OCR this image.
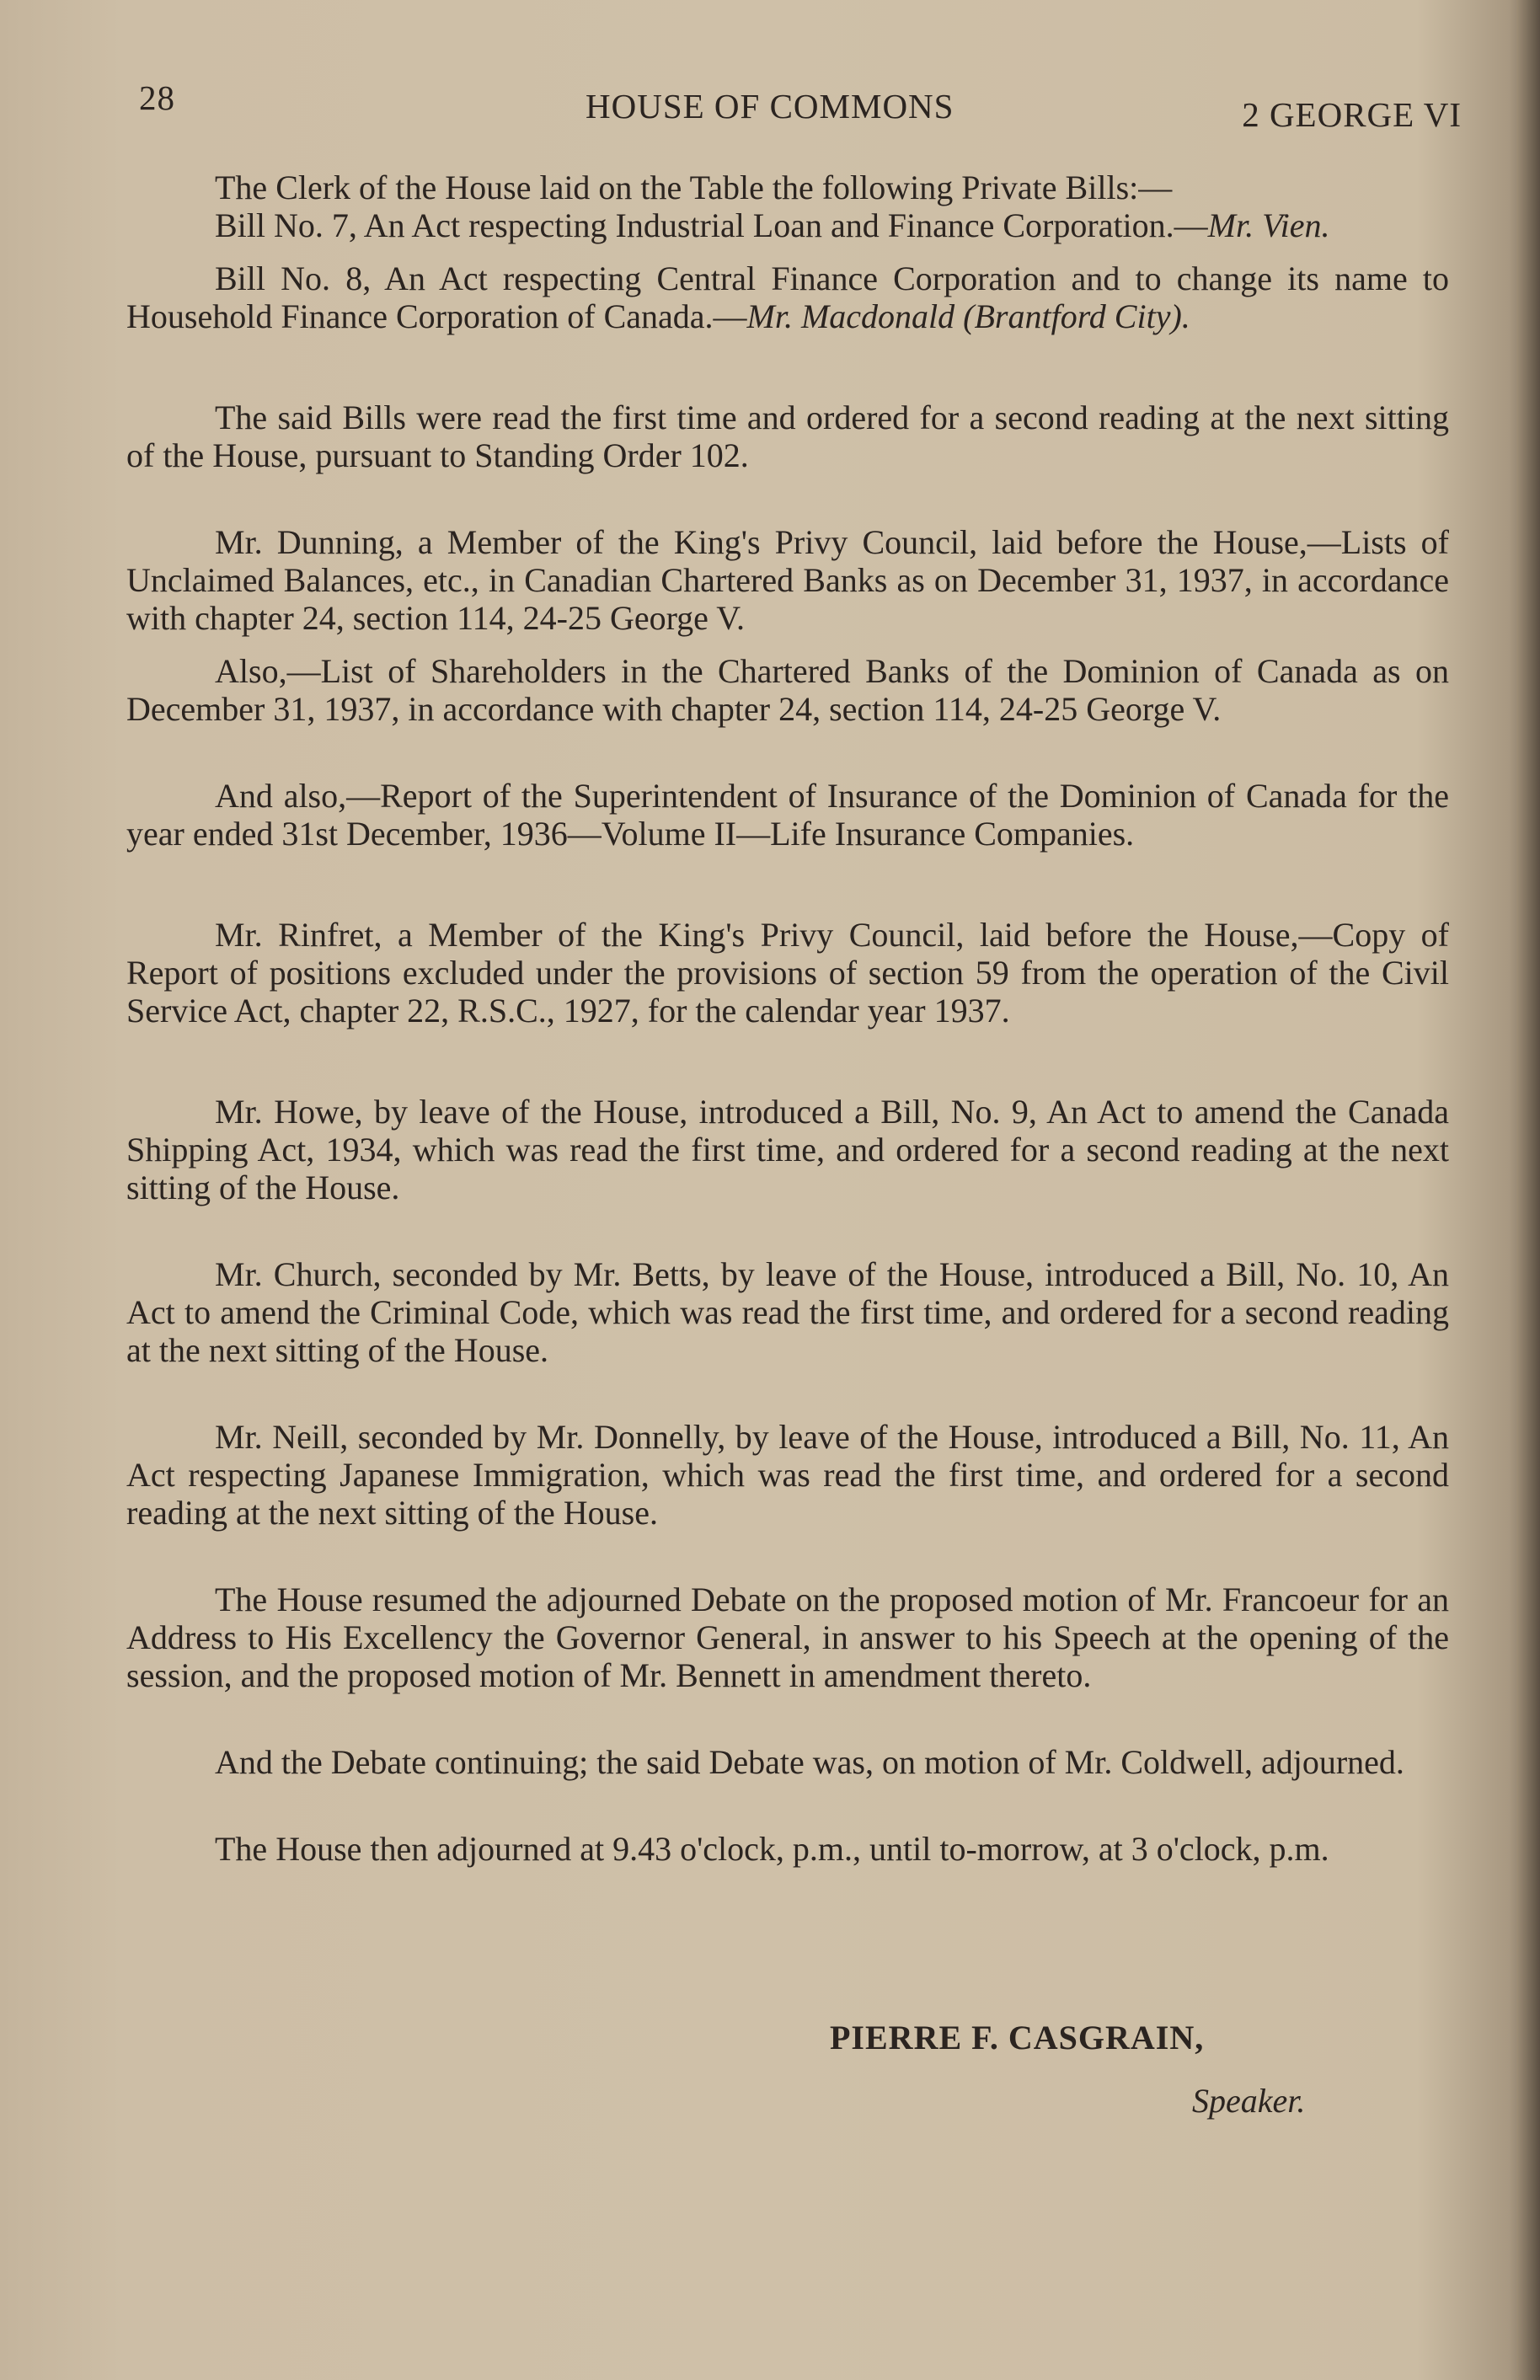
28	HOUSE OF COMMONS	2 GEORGE VI

The Clerk of the House laid on the Table the following Private Bills:—

Bill No. 7, An Act respecting Industrial Loan and Finance Corporation.—Mr. Vien.

Bill No. 8, An Act respecting Central Finance Corporation and to change its name to Household Finance Corporation of Canada.—Mr. Macdonald (Brantford City).

The said Bills were read the first time and ordered for a second reading at the next sitting of the House, pursuant to Standing Order 102.

Mr. Dunning, a Member of the King's Privy Council, laid before the House,—Lists of Unclaimed Balances, etc., in Canadian Chartered Banks as on December 31, 1937, in accordance with chapter 24, section 114, 24-25 George V.

Also,—List of Shareholders in the Chartered Banks of the Dominion of Canada as on December 31, 1937, in accordance with chapter 24, section 114, 24-25 George V.

And also,—Report of the Superintendent of Insurance of the Dominion of Canada for the year ended 31st December, 1936—Volume II—Life Insurance Companies.

Mr. Rinfret, a Member of the King's Privy Council, laid before the House,—Copy of Report of positions excluded under the provisions of section 59 from the operation of the Civil Service Act, chapter 22, R.S.C., 1927, for the calendar year 1937.

Mr. Howe, by leave of the House, introduced a Bill, No. 9, An Act to amend the Canada Shipping Act, 1934, which was read the first time, and ordered for a second reading at the next sitting of the House.

Mr. Church, seconded by Mr. Betts, by leave of the House, introduced a Bill, No. 10, An Act to amend the Criminal Code, which was read the first time, and ordered for a second reading at the next sitting of the House.

Mr. Neill, seconded by Mr. Donnelly, by leave of the House, introduced a Bill, No. 11, An Act respecting Japanese Immigration, which was read the first time, and ordered for a second reading at the next sitting of the House.

The House resumed the adjourned Debate on the proposed motion of Mr. Francoeur for an Address to His Excellency the Governor General, in answer to his Speech at the opening of the session, and the proposed motion of Mr. Bennett in amendment thereto.

And the Debate continuing; the said Debate was, on motion of Mr. Coldwell, adjourned.

The House then adjourned at 9.43 o'clock, p.m., until to-morrow, at 3 o'clock, p.m.

PIERRE F. CASGRAIN,
Speaker.
